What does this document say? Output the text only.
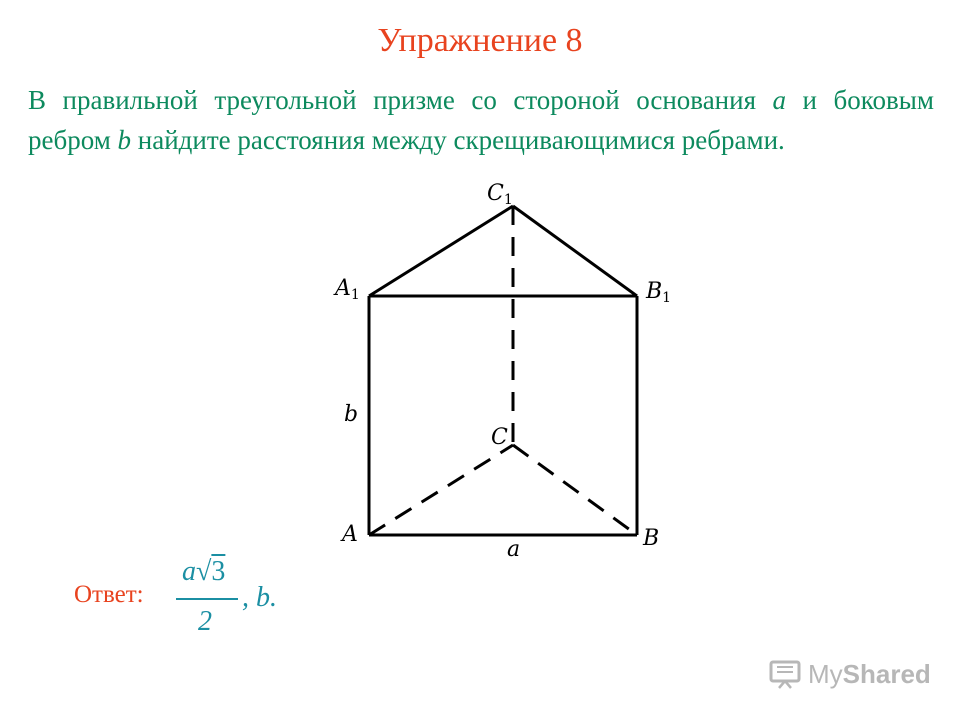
Упражнение 8
В правильной треугольной призме со стороной основания a и боковым ребром b найдите расстояния между скрещивающимися ребрами.
C1
A1	B1
C
A	B
b
a
Ответ:
a√3
2
, b.
MyShared
